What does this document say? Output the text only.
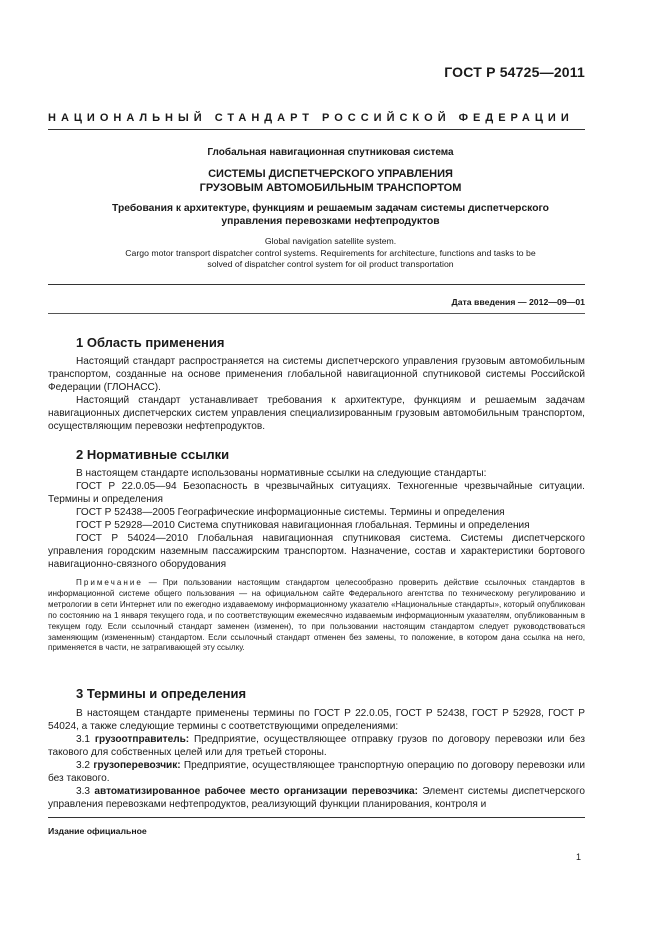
ГОСТ Р 54725—2011
НАЦИОНАЛЬНЫЙ СТАНДАРТ РОССИЙСКОЙ ФЕДЕРАЦИИ
Глобальная навигационная спутниковая система
СИСТЕМЫ ДИСПЕТЧЕРСКОГО УПРАВЛЕНИЯ
ГРУЗОВЫМ АВТОМОБИЛЬНЫМ ТРАНСПОРТОМ
Требования к архитектуре, функциям и решаемым задачам системы диспетчерского
управления перевозками нефтепродуктов
Global navigation satellite system.
Cargo motor transport dispatcher control systems. Requirements for architecture, functions and tasks to be
solved of dispatcher control system for oil product transportation
Дата введения — 2012—09—01
1 Область применения
Настоящий стандарт распространяется на системы диспетчерского управления грузовым автомобильным транспортом, созданные на основе применения глобальной навигационной спутниковой системы Российской Федерации (ГЛОНАСС).
Настоящий стандарт устанавливает требования к архитектуре, функциям и решаемым задачам навигационных диспетчерских систем управления специализированным грузовым автомобильным транспортом, осуществляющим перевозки нефтепродуктов.
2 Нормативные ссылки
В настоящем стандарте использованы нормативные ссылки на следующие стандарты:
ГОСТ Р 22.0.05—94 Безопасность в чрезвычайных ситуациях. Техногенные чрезвычайные ситуации. Термины и определения
ГОСТ Р 52438—2005 Географические информационные системы. Термины и определения
ГОСТ Р 52928—2010 Система спутниковая навигационная глобальная. Термины и определения
ГОСТ Р 54024—2010 Глобальная навигационная спутниковая система. Системы диспетчерского управления городским наземным пассажирским транспортом. Назначение, состав и характеристики бортового навигационно-связного оборудования
Примечание — При пользовании настоящим стандартом целесообразно проверить действие ссылочных стандартов в информационной системе общего пользования — на официальном сайте Федерального агентства по техническому регулированию и метрологии в сети Интернет или по ежегодно издаваемому информационному указателю «Национальные стандарты», который опубликован по состоянию на 1 января текущего года, и по соответствующим ежемесячно издаваемым информационным указателям, опубликованным в текущем году. Если ссылочный стандарт заменен (изменен), то при пользовании настоящим стандартом следует руководствоваться заменяющим (измененным) стандартом. Если ссылочный стандарт отменен без замены, то положение, в котором дана ссылка на него, применяется в части, не затрагивающей эту ссылку.
3 Термины и определения
В настоящем стандарте применены термины по ГОСТ Р 22.0.05, ГОСТ Р 52438, ГОСТ Р 52928, ГОСТ Р 54024, а также следующие термины с соответствующими определениями:
3.1 грузоотправитель: Предприятие, осуществляющее отправку грузов по договору перевозки или без такового для собственных целей или для третьей стороны.
3.2 грузоперевозчик: Предприятие, осуществляющее транспортную операцию по договору перевозки или без такового.
3.3 автоматизированное рабочее место организации перевозчика: Элемент системы диспетчерского управления перевозками нефтепродуктов, реализующий функции планирования, контроля и
Издание официальное
1
